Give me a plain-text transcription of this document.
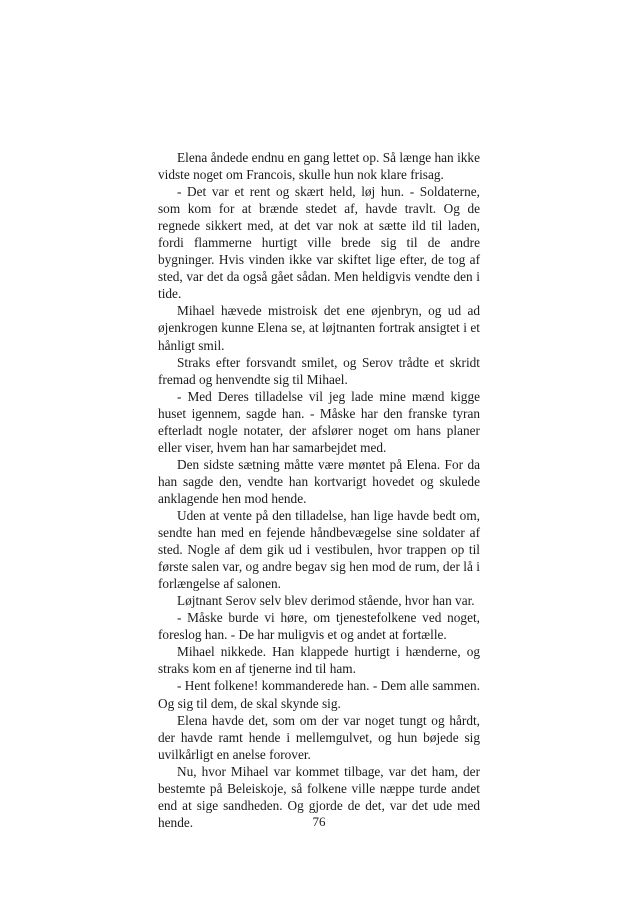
Elena åndede endnu en gang lettet op. Så længe han ikke vidste noget om Francois, skulle hun nok klare frisag.

- Det var et rent og skært held, løj hun. - Soldaterne, som kom for at brænde stedet af, havde travlt. Og de regnede sikkert med, at det var nok at sætte ild til laden, fordi flammerne hurtigt ville brede sig til de andre bygninger. Hvis vinden ikke var skiftet lige efter, de tog af sted, var det da også gået sådan. Men heldigvis vendte den i tide.

Mihael hævede mistroisk det ene øjenbryn, og ud ad øjenkrogen kunne Elena se, at løjtnanten fortrak ansigtet i et hånligt smil.

Straks efter forsvandt smilet, og Serov trådte et skridt fremad og henvendte sig til Mihael.

- Med Deres tilladelse vil jeg lade mine mænd kigge huset igennem, sagde han. - Måske har den franske tyran efterladt nogle notater, der afslører noget om hans planer eller viser, hvem han har samarbejdet med.

Den sidste sætning måtte være møntet på Elena. For da han sagde den, vendte han kortvarigt hovedet og skulede anklagende hen mod hende.

Uden at vente på den tilladelse, han lige havde bedt om, sendte han med en fejende håndbevægelse sine soldater af sted. Nogle af dem gik ud i vestibulen, hvor trappen op til første salen var, og andre begav sig hen mod de rum, der lå i forlængelse af salonen.

Løjtnant Serov selv blev derimod stående, hvor han var.

- Måske burde vi høre, om tjenestefolkene ved noget, foreslog han. - De har muligvis et og andet at fortælle.

Mihael nikkede. Han klappede hurtigt i hænderne, og straks kom en af tjenerne ind til ham.

- Hent folkene! kommanderede han. - Dem alle sammen. Og sig til dem, de skal skynde sig.

Elena havde det, som om der var noget tungt og hårdt, der havde ramt hende i mellemgulvet, og hun bøjede sig uvilkårligt en anelse forover.

Nu, hvor Mihael var kommet tilbage, var det ham, der bestemte på Beleiskoje, så folkene ville næppe turde andet end at sige sandheden. Og gjorde de det, var det ude med hende.	76
